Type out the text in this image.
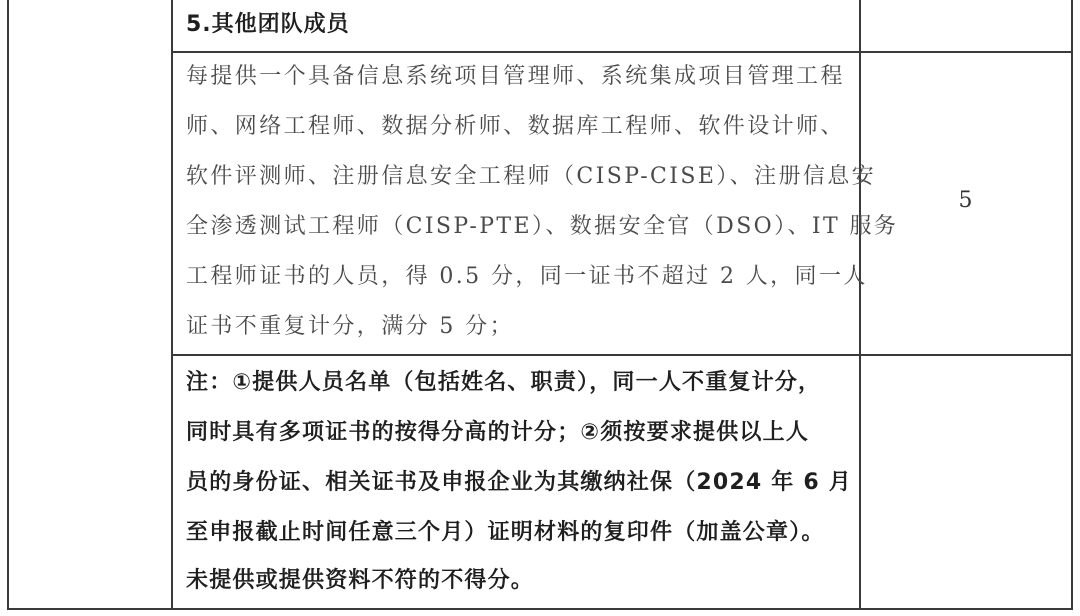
5.其他团队成员
每提供一个具备信息系统项目管理师、系统集成项目管理工程
师、网络工程师、数据分析师、数据库工程师、软件设计师、
软件评测师、注册信息安全工程师（CISP-CISE）、注册信息安
全渗透测试工程师（CISP-PTE）、数据安全官（DSO）、IT 服务
工程师证书的人员，得 0.5 分，同一证书不超过 2 人，同一人
证书不重复计分，满分 5 分；
5
注：①提供人员名单（包括姓名、职责），同一人不重复计分，
同时具有多项证书的按得分高的计分；②须按要求提供以上人
员的身份证、相关证书及申报企业为其缴纳社保（2024 年 6 月
至申报截止时间任意三个月）证明材料的复印件（加盖公章）。
未提供或提供资料不符的不得分。
